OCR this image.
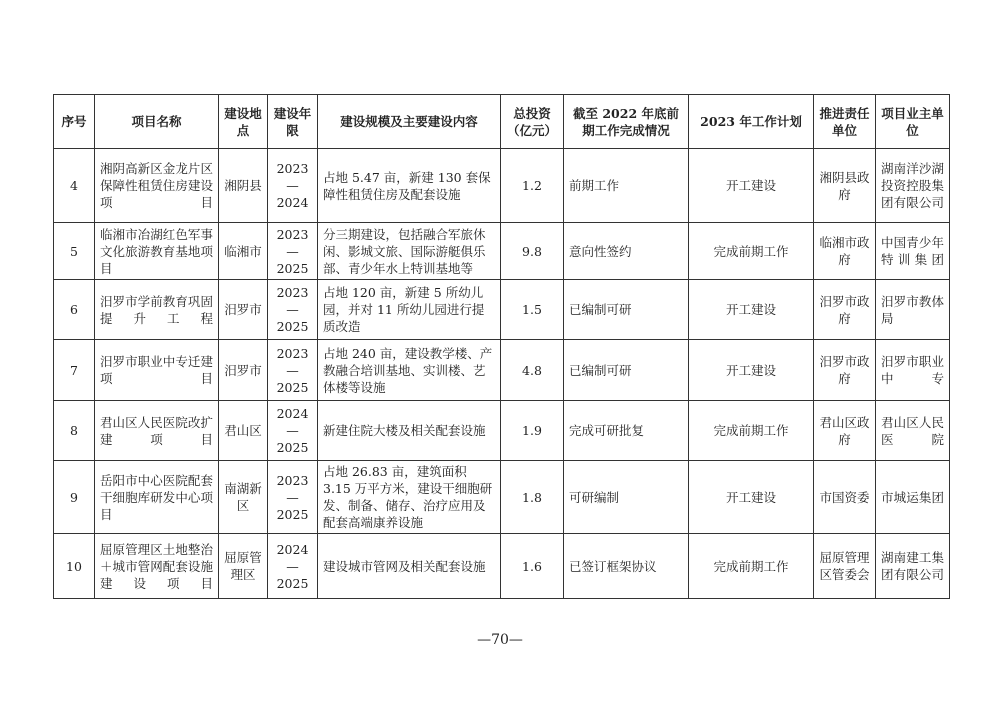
序号	项目名称	建设地点	建设年限	建设规模及主要建设内容	总投资（亿元）	截至 2022 年底前期工作完成情况	2023 年工作计划	推进责任单位	项目业主单位
4	湘阴高新区金龙片区保障性租赁住房建设项目	湘阴县	2023—2024	占地 5.47 亩，新建 130 套保障性租赁住房及配套设施	1.2	前期工作	开工建设	湘阴县政府	湖南洋沙湖投资控股集团有限公司
5	临湘市冶湖红色军事文化旅游教育基地项目	临湘市	2023—2025	分三期建设，包括融合军旅休闲、影城文旅、国际游艇俱乐部、青少年水上特训基地等	9.8	意向性签约	完成前期工作	临湘市政府	中国青少年特训集团
6	汨罗市学前教育巩固提升工程	汨罗市	2023—2025	占地 120 亩，新建 5 所幼儿园，并对 11 所幼儿园进行提质改造	1.5	已编制可研	开工建设	汨罗市政府	汨罗市教体局
7	汨罗市职业中专迁建项目	汨罗市	2023—2025	占地 240 亩，建设教学楼、产教融合培训基地、实训楼、艺体楼等设施	4.8	已编制可研	开工建设	汨罗市政府	汨罗市职业中专
8	君山区人民医院改扩建项目	君山区	2024—2025	新建住院大楼及相关配套设施	1.9	完成可研批复	完成前期工作	君山区政府	君山区人民医院
9	岳阳市中心医院配套干细胞库研发中心项目	南湖新区	2023—2025	占地 26.83 亩，建筑面积 3.15 万平方米，建设干细胞研发、制备、储存、治疗应用及配套高端康养设施	1.8	可研编制	开工建设	市国资委	市城运集团
10	屈原管理区土地整治＋城市管网配套设施建设项目	屈原管理区	2024—2025	建设城市管网及相关配套设施	1.6	已签订框架协议	完成前期工作	屈原管理区管委会	湖南建工集团有限公司
—70—
